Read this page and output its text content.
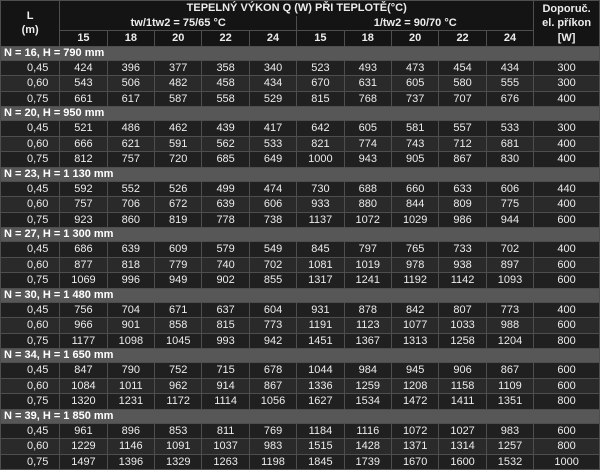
L
(m)	TEPELNÝ VÝKON Q (W) PŘI TEPLOTĚ(°C)										Doporuč.
el. příkon
[W]
	tw/1tw2 = 75/65 °C					1/tw2 = 90/70 °C					
	15	18	20	22	24	15	18	20	22	24	
N = 16, H = 790 mm											
0,45	424	396	377	358	340	523	493	473	454	434	300
0,60	543	506	482	458	434	670	631	605	580	555	300
0,75	661	617	587	558	529	815	768	737	707	676	400
N = 20, H = 950 mm											
0,45	521	486	462	439	417	642	605	581	557	533	300
0,60	666	621	591	562	533	821	774	743	712	681	400
0,75	812	757	720	685	649	1000	943	905	867	830	400
N = 23, H = 1 130 mm											
0,45	592	552	526	499	474	730	688	660	633	606	440
0,60	757	706	672	639	606	933	880	844	809	775	400
0,75	923	860	819	778	738	1137	1072	1029	986	944	600
N = 27, H = 1 300 mm											
0,45	686	639	609	579	549	845	797	765	733	702	400
0,60	877	818	779	740	702	1081	1019	978	938	897	600
0,75	1069	996	949	902	855	1317	1241	1192	1142	1093	600
N = 30, H = 1 480 mm											
0,45	756	704	671	637	604	931	878	842	807	773	400
0,60	966	901	858	815	773	1191	1123	1077	1033	988	600
0,75	1177	1098	1045	993	942	1451	1367	1313	1258	1204	800
N = 34, H = 1 650 mm											
0,45	847	790	752	715	678	1044	984	945	906	867	600
0,60	1084	1011	962	914	867	1336	1259	1208	1158	1109	600
0,75	1320	1231	1172	1114	1056	1627	1534	1472	1411	1351	800
N = 39, H = 1 850 mm											
0,45	961	896	853	811	769	1184	1116	1072	1027	983	600
0,60	1229	1146	1091	1037	983	1515	1428	1371	1314	1257	800
0,75	1497	1396	1329	1263	1198	1845	1739	1670	1600	1532	1000
